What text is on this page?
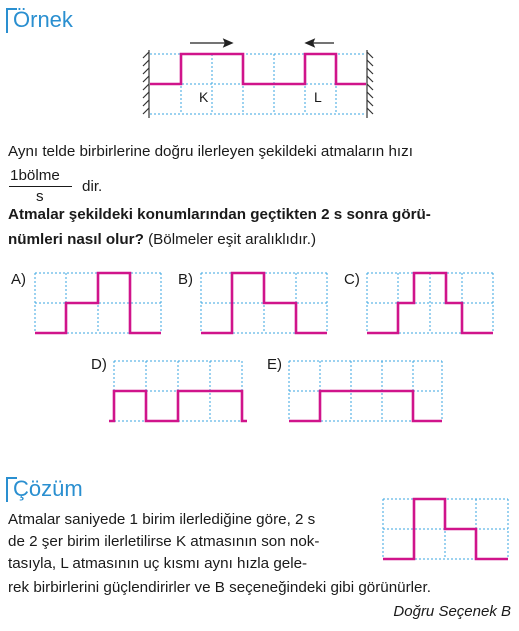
Örnek
K	L
Aynı telde birbirlerine doğru ilerleyen şekildeki atmaların hızı
1bölme
s
dir.
Atmalar şekildeki konumlarından geçtikten 2 s sonra görü-
nümleri nasıl olur? (Bölmeler eşit aralıklıdır.)
A)	B)	C)
D)	E)
Çözüm
Atmalar saniyede 1 birim ilerlediğine göre, 2 s
de 2 şer birim ilerletilirse K atmasının son nok-
tasıyla, L atmasının uç kısmı aynı hızla gele-
rek birbirlerini güçlendirirler ve B seçeneğindeki gibi görünürler.
Doğru Seçenek B
